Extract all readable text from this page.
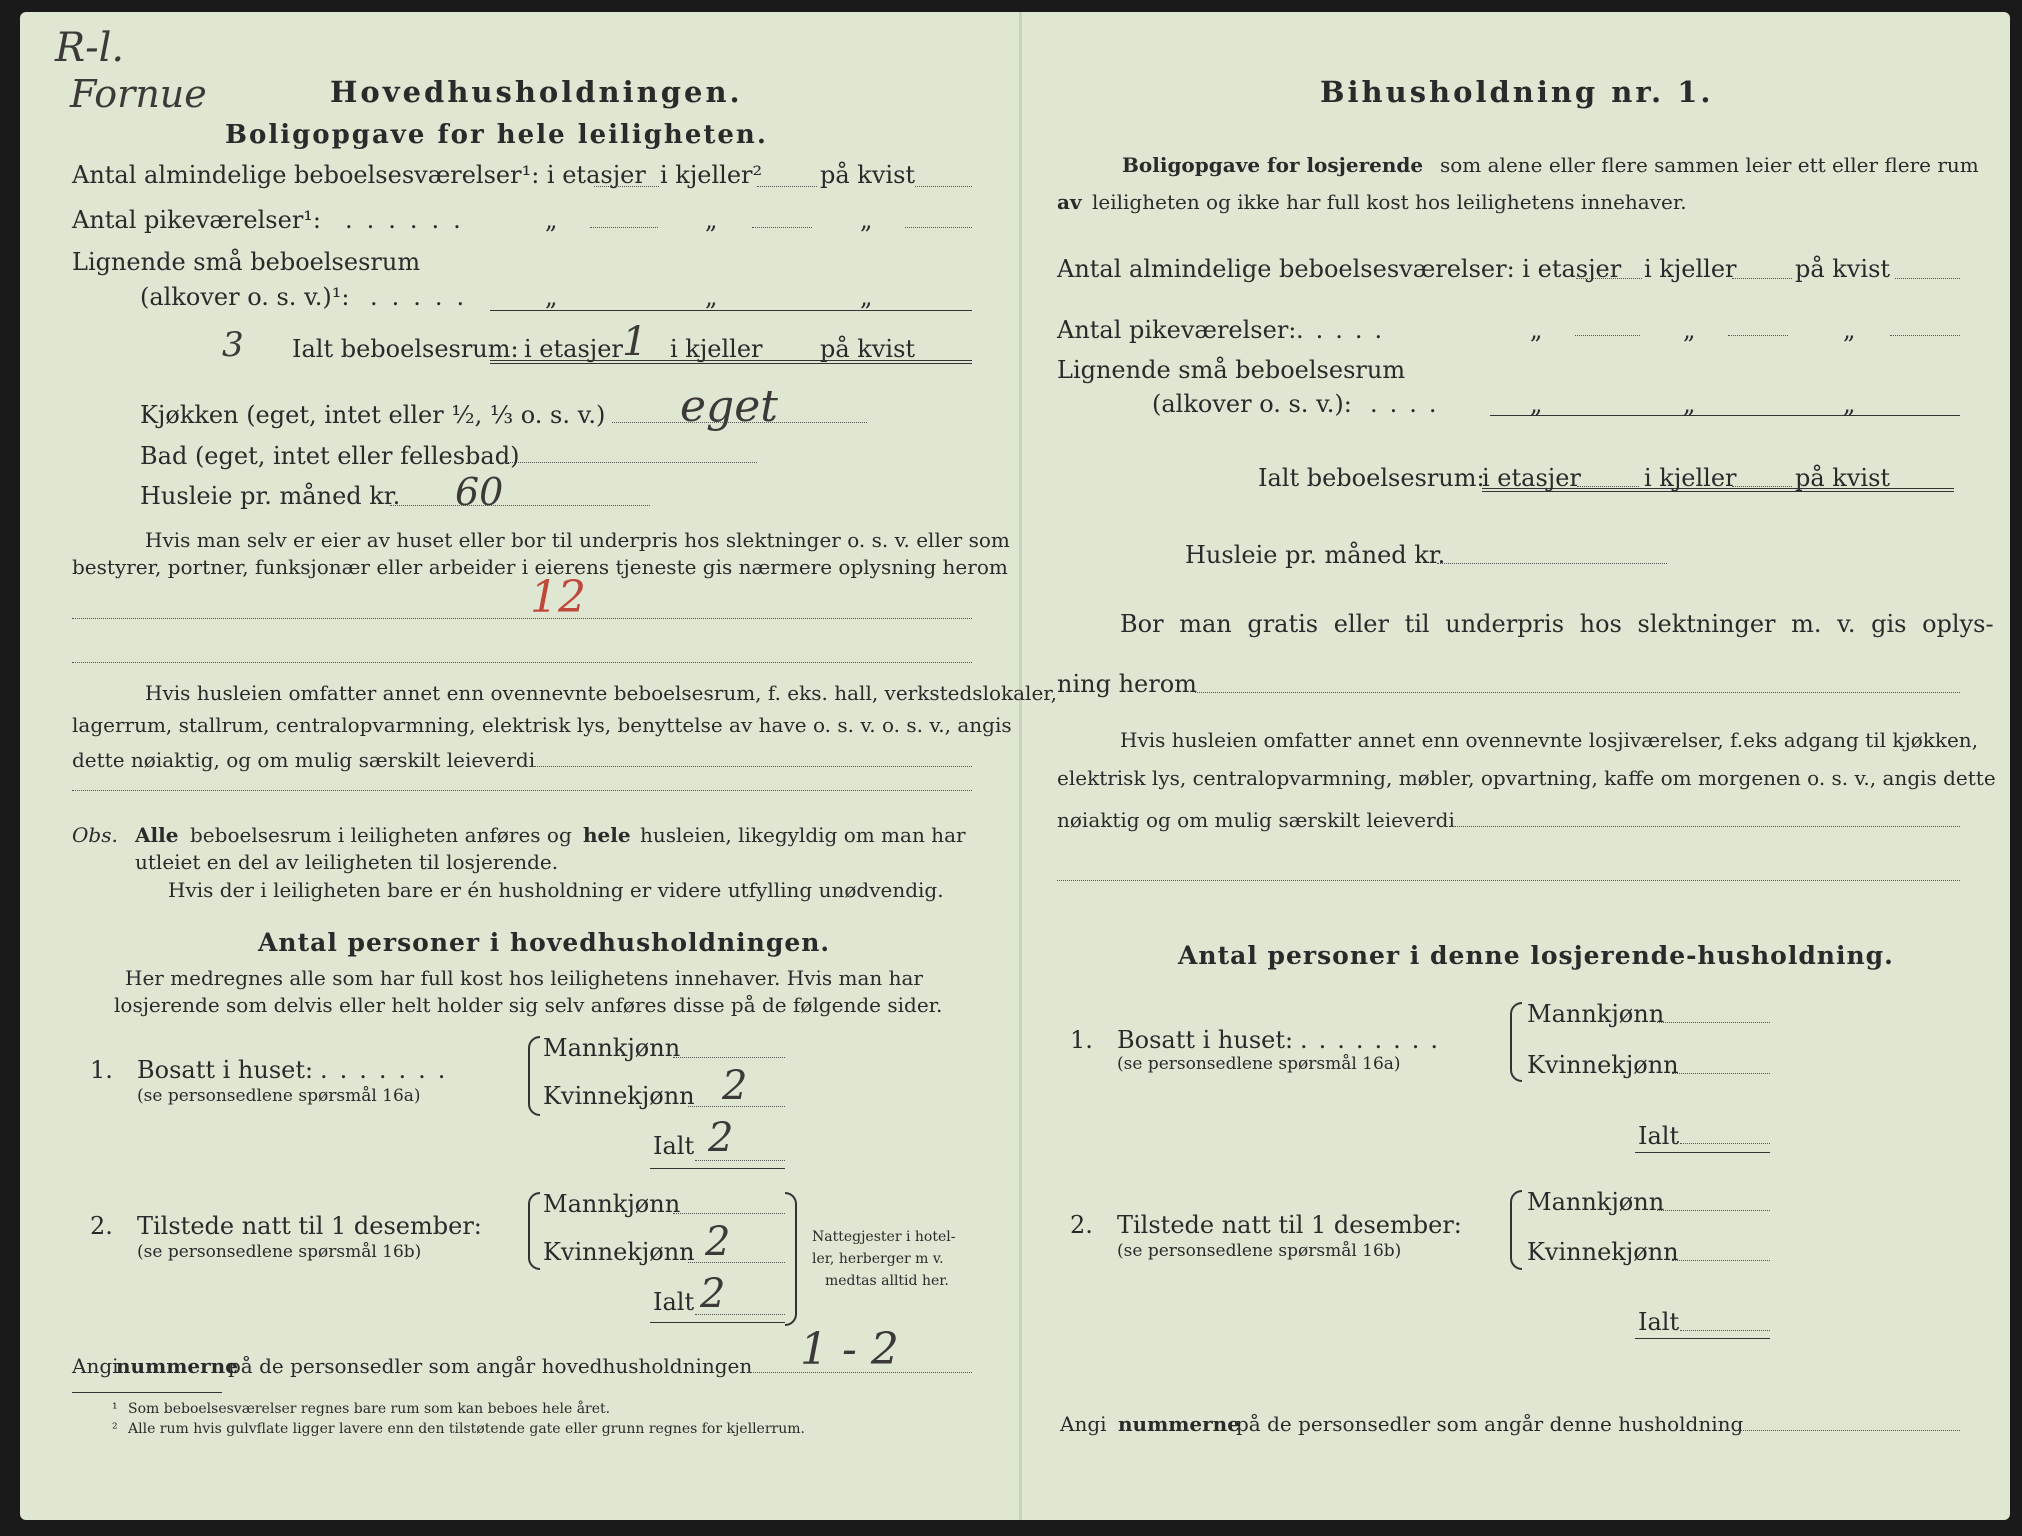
R-l.
Fornue
12
Hovedhusholdningen.
Boligopgave for hele leiligheten.
Antal almindelige beboelsesværelser¹: i etasjer i kjeller² på kvist
Antal pikeværelser¹: ......	„	„	„
Lignende små beboelsesrum
(alkover o. s. v.)¹: .....	„	„	„
3 Ialt beboelsesrum: i etasjer 1 i kjeller på kvist
Kjøkken (eget, intet eller ½, ⅓ o. s. v.) eget
Bad (eget, intet eller fellesbad)
Husleie pr. måned kr. 60
Hvis man selv er eier av huset eller bor til underpris hos slektninger o. s. v. eller som
bestyrer, portner, funksjonær eller arbeider i eierens tjeneste gis nærmere oplysning herom
Hvis husleien omfatter annet enn ovennevnte beboelsesrum, f. eks. hall, verkstedslokaler,
lagerrum, stallrum, centralopvarmning, elektrisk lys, benyttelse av have o. s. v. o. s. v., angis
dette nøiaktig, og om mulig særskilt leieverdi
Obs. Alle beboelsesrum i leiligheten anføres og hele husleien, likegyldig om man har
utleiet en del av leiligheten til losjerende.
Hvis der i leiligheten bare er én husholdning er videre utfylling unødvendig.
Antal personer i hovedhusholdningen.
Her medregnes alle som har full kost hos leilighetens innehaver. Hvis man har
losjerende som delvis eller helt holder sig selv anføres disse på de følgende sider.
1. Bosatt i huset: .......
(se personsedlene spørsmål 16a)
Mannkjønn
Kvinnekjønn 2
Ialt 2
2. Tilstede natt til 1 desember:
(se personsedlene spørsmål 16b)
Mannkjønn
Kvinnekjønn 2
Ialt 2
Nattegjester i hotel-
ler, herberger m v.
medtas alltid her.
Angi
nummerne
på de personsedler som angår hovedhusholdningen 1 - 2
¹ Som beboelsesværelser regnes bare rum som kan beboes hele året.
² Alle rum hvis gulvflate ligger lavere enn den tilstøtende gate eller grunn regnes for kjellerrum.
Bihusholdning nr. 1.
Boligopgave for losjerende som alene eller flere sammen leier ett eller flere rum
av leiligheten og ikke har full kost hos leilighetens innehaver.
Antal almindelige beboelsesværelser: i etasjer i kjeller på kvist
Antal pikeværelser: .....	„	„	„
Lignende små beboelsesrum
(alkover o. s. v.): ....	„	„	„
Ialt beboelsesrum:
i etasjer	i kjeller på kvist
Husleie pr. måned kr.
Bor man gratis eller til underpris hos slektninger m. v. gis oplys-
ning herom
Hvis husleien omfatter annet enn ovennevnte losjiværelser, f.eks adgang til kjøkken,
elektrisk lys, centralopvarmning, møbler, opvartning, kaffe om morgenen o. s. v., angis dette
nøiaktig og om mulig særskilt leieverdi
Antal personer i denne losjerende-husholdning.
1. Bosatt i huset: ........
(se personsedlene spørsmål 16a)
Mannkjønn
Kvinnekjønn
Ialt
2. Tilstede natt til 1 desember:
(se personsedlene spørsmål 16b)
Mannkjønn
Kvinnekjønn
Ialt
Angi nummerne
på de personsedler som angår denne husholdning
